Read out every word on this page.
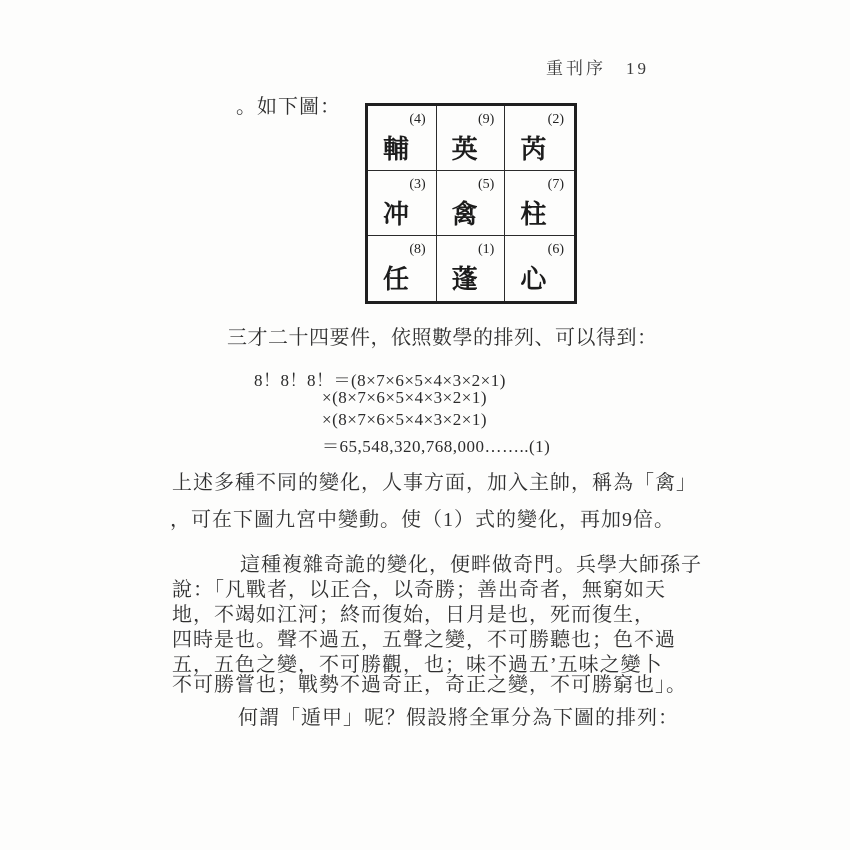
重刊序　19
。如下圖：
(4)
輔
(9)
英
(2)
芮
(3)
冲
(5)
禽
(7)
柱
(8)
任
(1)
蓬
(6)
心
三才二十四要件，依照數學的排列、可以得到：
8！8！8！＝(8×7×6×5×4×3×2×1)
×(8×7×6×5×4×3×2×1)
×(8×7×6×5×4×3×2×1)
＝65,548,320,768,000……..(1)
上述多種不同的變化，人事方面，加入主帥，稱為「禽」
，可在下圖九宮中變動。使（1）式的變化，再加9倍。
這種複雜奇詭的變化，便畔做奇門。兵學大師孫子
說：「凡戰者，以正合，以奇勝；善出奇者，無窮如天
地，不竭如江河；終而復始，日月是也，死而復生，
四時是也。聲不過五，五聲之變，不可勝聽也；色不過
五，五色之變，不可勝觀，也；味不過五’五味之變卜
不可勝嘗也；戰勢不過奇正，奇正之變，不可勝窮也」。
何謂「遁甲」呢？假設將全軍分為下圖的排列：
